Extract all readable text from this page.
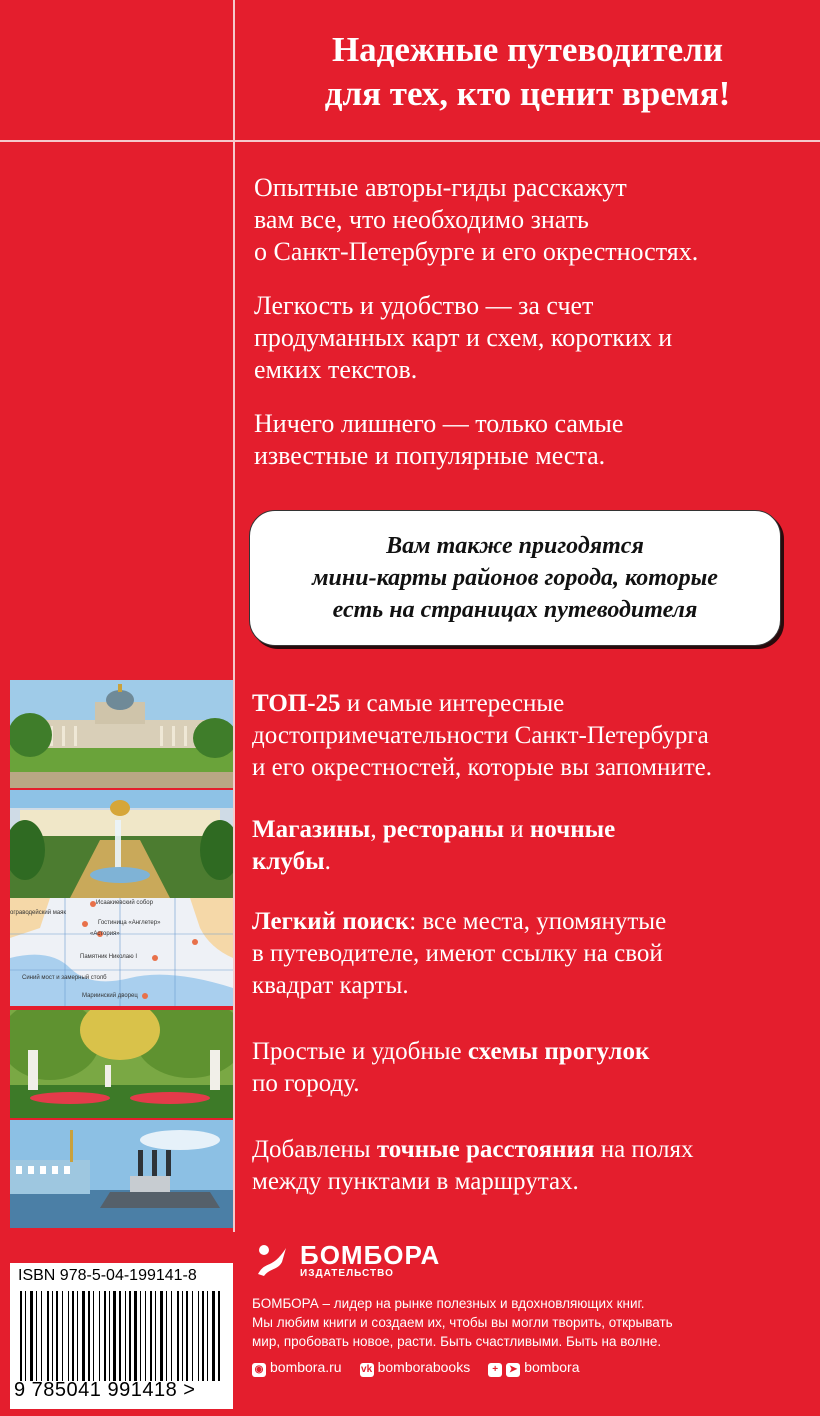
Надежные путеводители
для тех, кто ценит время!

Опытные авторы-гиды расскажут
вам все, что необходимо знать
о Санкт-Петербурге и его окрестностях.

Легкость и удобство — за счет
продуманных карт и схем, коротких и
емких текстов.

Ничего лишнего — только самые
известные и популярные места.

Вам также пригодятся
мини-карты районов города, которые
есть на страницах путеводителя
ТОП-25 и самые интересные
достопримечательности Санкт-Петербурга
и его окрестностей, которые вы запомните.
Магазины, рестораны и ночные
клубы.
Исаакиевский собор
Гостиница «Англетер»
«Астория»
Памятник Николаю I
Синий мост и замерный столб
Мариинский дворец
ограводейский маяк	Легкий поиск: все места, упомянутые
в путеводителе, имеют ссылку на свой
квадрат карты.
Простые и удобные схемы прогулок
по городу.
Добавлены точные расстояния на полях
между пунктами в маршрутах.
ISBN 978-5-04-199141-8
9 785041 991418 >
БОМБОРА
ИЗДАТЕЛЬСТВО
БОМБОРА – лидер на рынке полезных и вдохновляющих книг.
Мы любим книги и создаем их, чтобы вы могли творить, открывать
мир, пробовать новое, расти. Быть счастливыми. Быть на волне.
◉ bombora.ru vk bomborabooks	+ ➤ bombora
